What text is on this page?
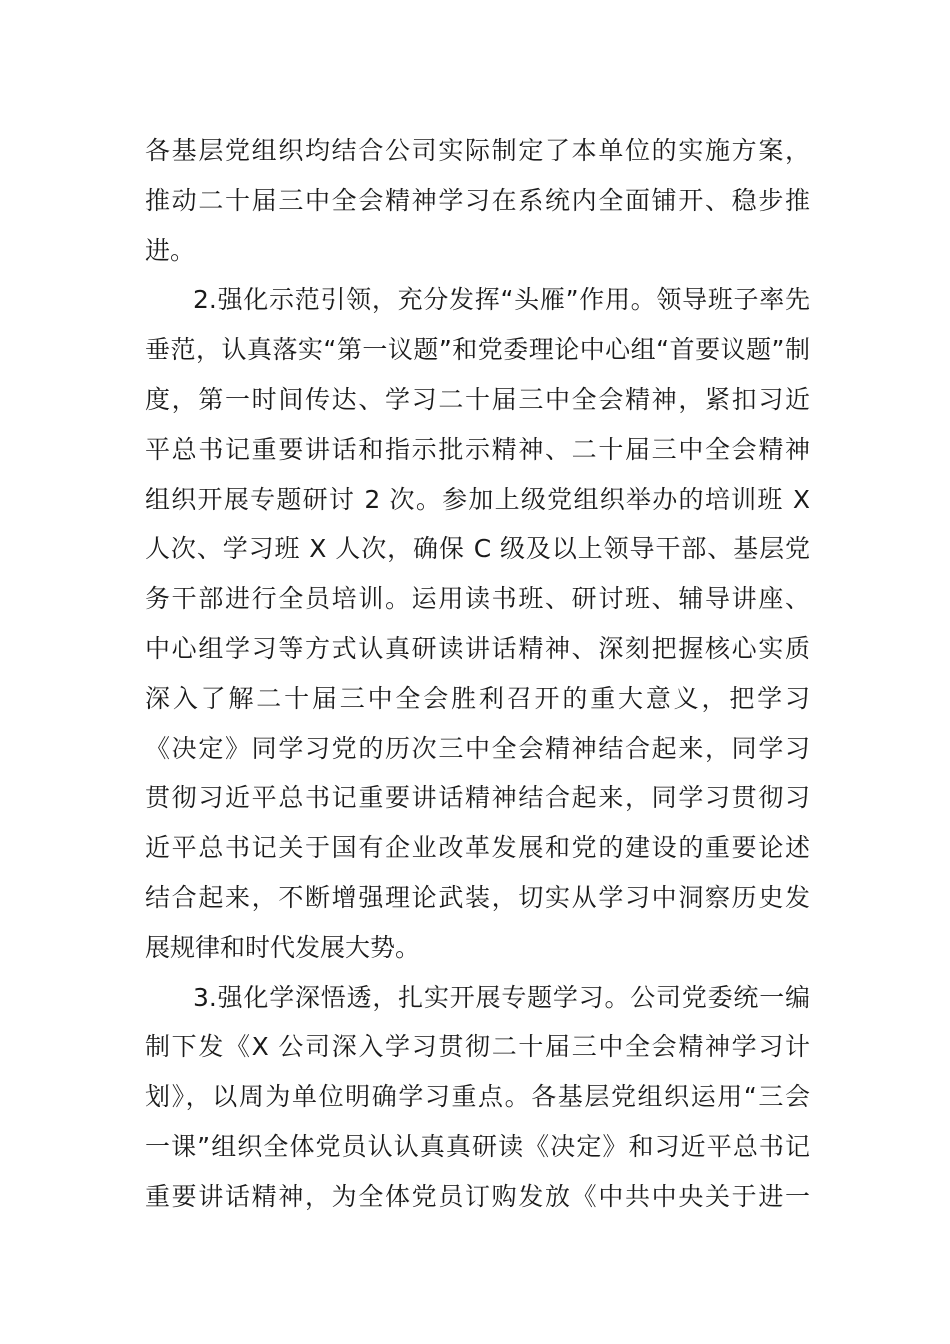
各基层党组织均结合公司实际制定了本单位的实施方案，
推动二十届三中全会精神学习在系统内全面铺开、稳步推
进。
2.强化示范引领，充分发挥“头雁”作用。领导班子率先
垂范，认真落实“第一议题”和党委理论中心组“首要议题”制
度，第一时间传达、学习二十届三中全会精神，紧扣习近
平总书记重要讲话和指示批示精神、二十届三中全会精神
组织开展专题研讨 2 次。参加上级党组织举办的培训班 X
人次、学习班 X 人次，确保 C 级及以上领导干部、基层党
务干部进行全员培训。运用读书班、研讨班、辅导讲座、
中心组学习等方式认真研读讲话精神、深刻把握核心实质
深入了解二十届三中全会胜利召开的重大意义，把学习
《决定》同学习党的历次三中全会精神结合起来，同学习
贯彻习近平总书记重要讲话精神结合起来，同学习贯彻习
近平总书记关于国有企业改革发展和党的建设的重要论述
结合起来，不断增强理论武装，切实从学习中洞察历史发
展规律和时代发展大势。
3.强化学深悟透，扎实开展专题学习。公司党委统一编
制下发《X 公司深入学习贯彻二十届三中全会精神学习计
划》，以周为单位明确学习重点。各基层党组织运用“三会
一课”组织全体党员认认真真研读《决定》和习近平总书记
重要讲话精神，为全体党员订购发放《中共中央关于进一
